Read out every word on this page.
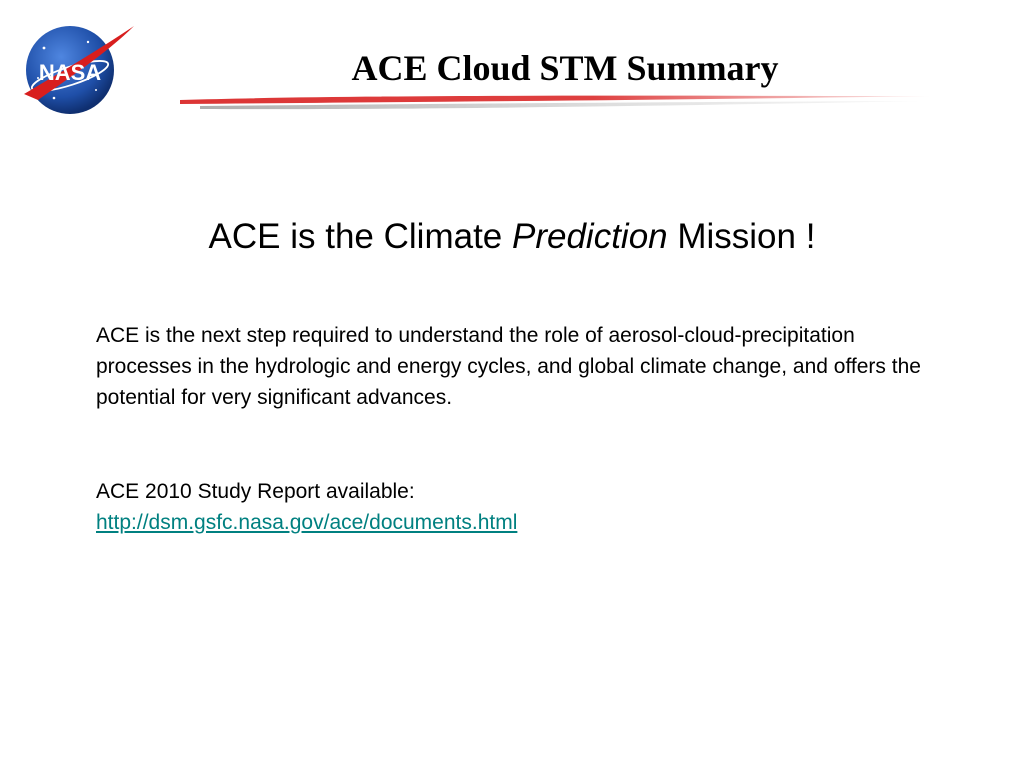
NASA	ACE Cloud STM Summary

ACE is the Climate Prediction Mission !

ACE is the next step required to understand the role of aerosol-cloud-precipitation processes in the hydrologic and energy cycles, and global climate change, and offers the potential for very significant advances.

ACE 2010 Study Report available:
http://dsm.gsfc.nasa.gov/ace/documents.html
